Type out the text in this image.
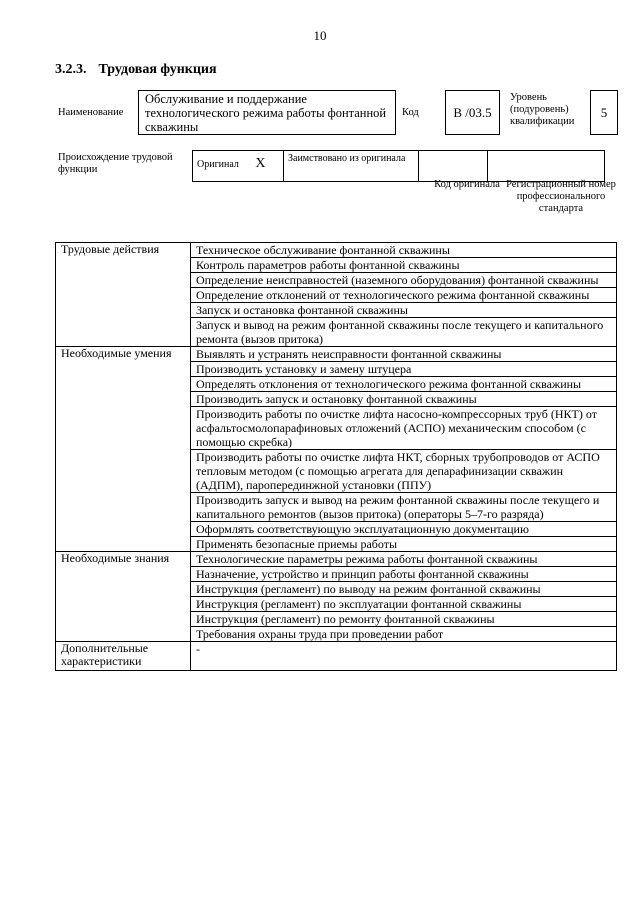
10
3.2.3. Трудовая функция
Наименование
Обслуживание и поддержание технологического режима работы фонтанной скважины
Код	В /03.5
Уровень (подуровень) квалификации
5
Происхождение трудовой функции	Оригинал X	Заимствовано из оригинала		
Код оригинала Регистрационный номер профессионального стандарта
Трудовые действия	Техническое обслуживание фонтанной скважины
	Контроль параметров работы фонтанной скважины
	Определение неисправностей (наземного оборудования) фонтанной скважины
	Определение отклонений от технологического режима фонтанной скважины
	Запуск и остановка фонтанной скважины
	Запуск и вывод на режим фонтанной скважины после текущего и капитального ремонта (вызов притока)
Необходимые умения	Выявлять и устранять неисправности фонтанной скважины
	Производить установку и замену штуцера
	Определять отклонения от технологического режима фонтанной скважины
	Производить запуск и остановку фонтанной скважины
	Производить работы по очистке лифта насосно-компрессорных труб (НКТ) от асфальтосмолопарафиновых отложений (АСПО) механическим способом (с помощью скребка)
	Производить работы по очистке лифта НКТ, сборных трубопроводов от АСПО тепловым методом (с помощью агрегата для депарафинизации скважин (АДПМ), пароперединжной установки (ППУ)
	Производить запуск и вывод на режим фонтанной скважины после текущего и капитального ремонтов (вызов притока) (операторы 5–7-го разряда)
	Оформлять соответствующую эксплуатационную документацию
	Применять безопасные приемы работы
Необходимые знания	Технологические параметры режима работы фонтанной скважины
	Назначение, устройство и принцип работы фонтанной скважины
	Инструкция (регламент) по выводу на режим фонтанной скважины
	Инструкция (регламент) по эксплуатации фонтанной скважины
	Инструкция (регламент) по ремонту фонтанной скважины
	Требования охраны труда при проведении работ
Дополнительные характеристики	-
